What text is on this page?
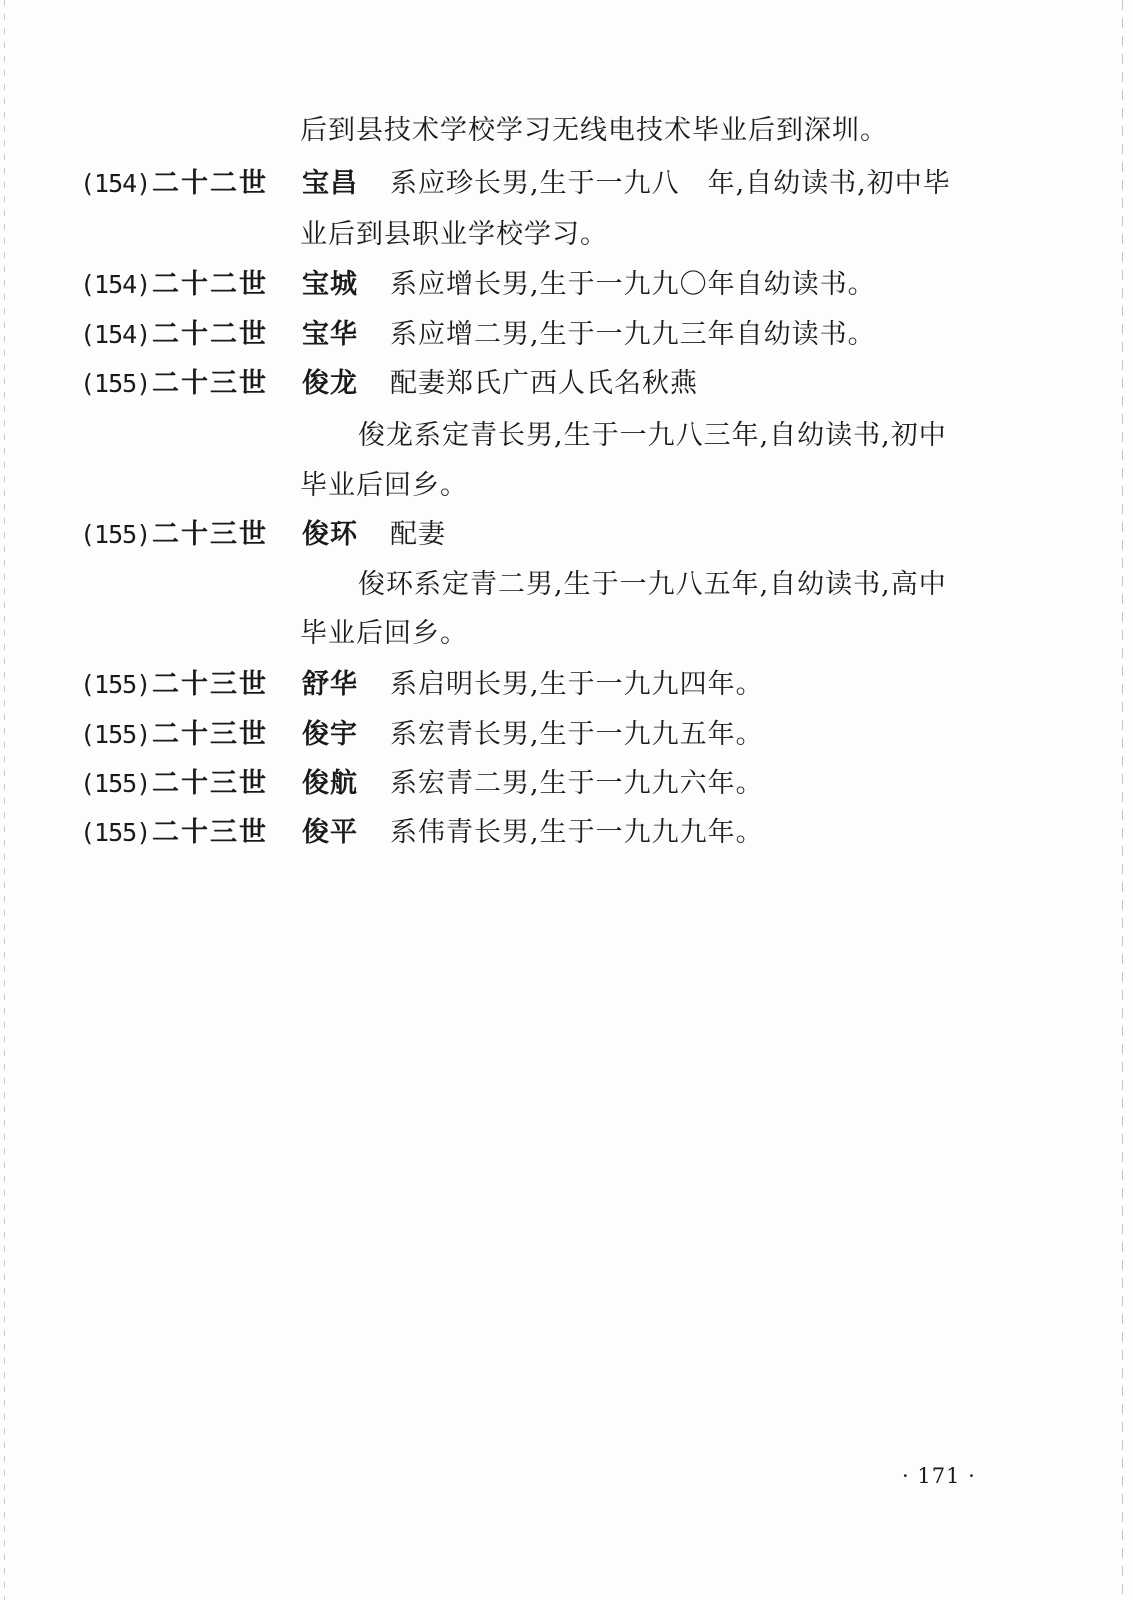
后到县技术学校学习无线电技术毕业后到深圳。
(154) 二十二世 宝昌 系应珍长男,生于一九八　年,自幼读书,初中毕
业后到县职业学校学习。
(154) 二十二世 宝城 系应增长男,生于一九九〇年自幼读书。
(154) 二十二世 宝华 系应增二男,生于一九九三年自幼读书。
(155) 二十三世 俊龙 配妻郑氏广西人氏名秋燕
俊龙系定青长男,生于一九八三年,自幼读书,初中
毕业后回乡。
(155) 二十三世 俊环 配妻
俊环系定青二男,生于一九八五年,自幼读书,高中
毕业后回乡。
(155) 二十三世 舒华 系启明长男,生于一九九四年。
(155) 二十三世 俊宇 系宏青长男,生于一九九五年。
(155) 二十三世 俊航 系宏青二男,生于一九九六年。
(155) 二十三世 俊平 系伟青长男,生于一九九九年。
· 171 ·
